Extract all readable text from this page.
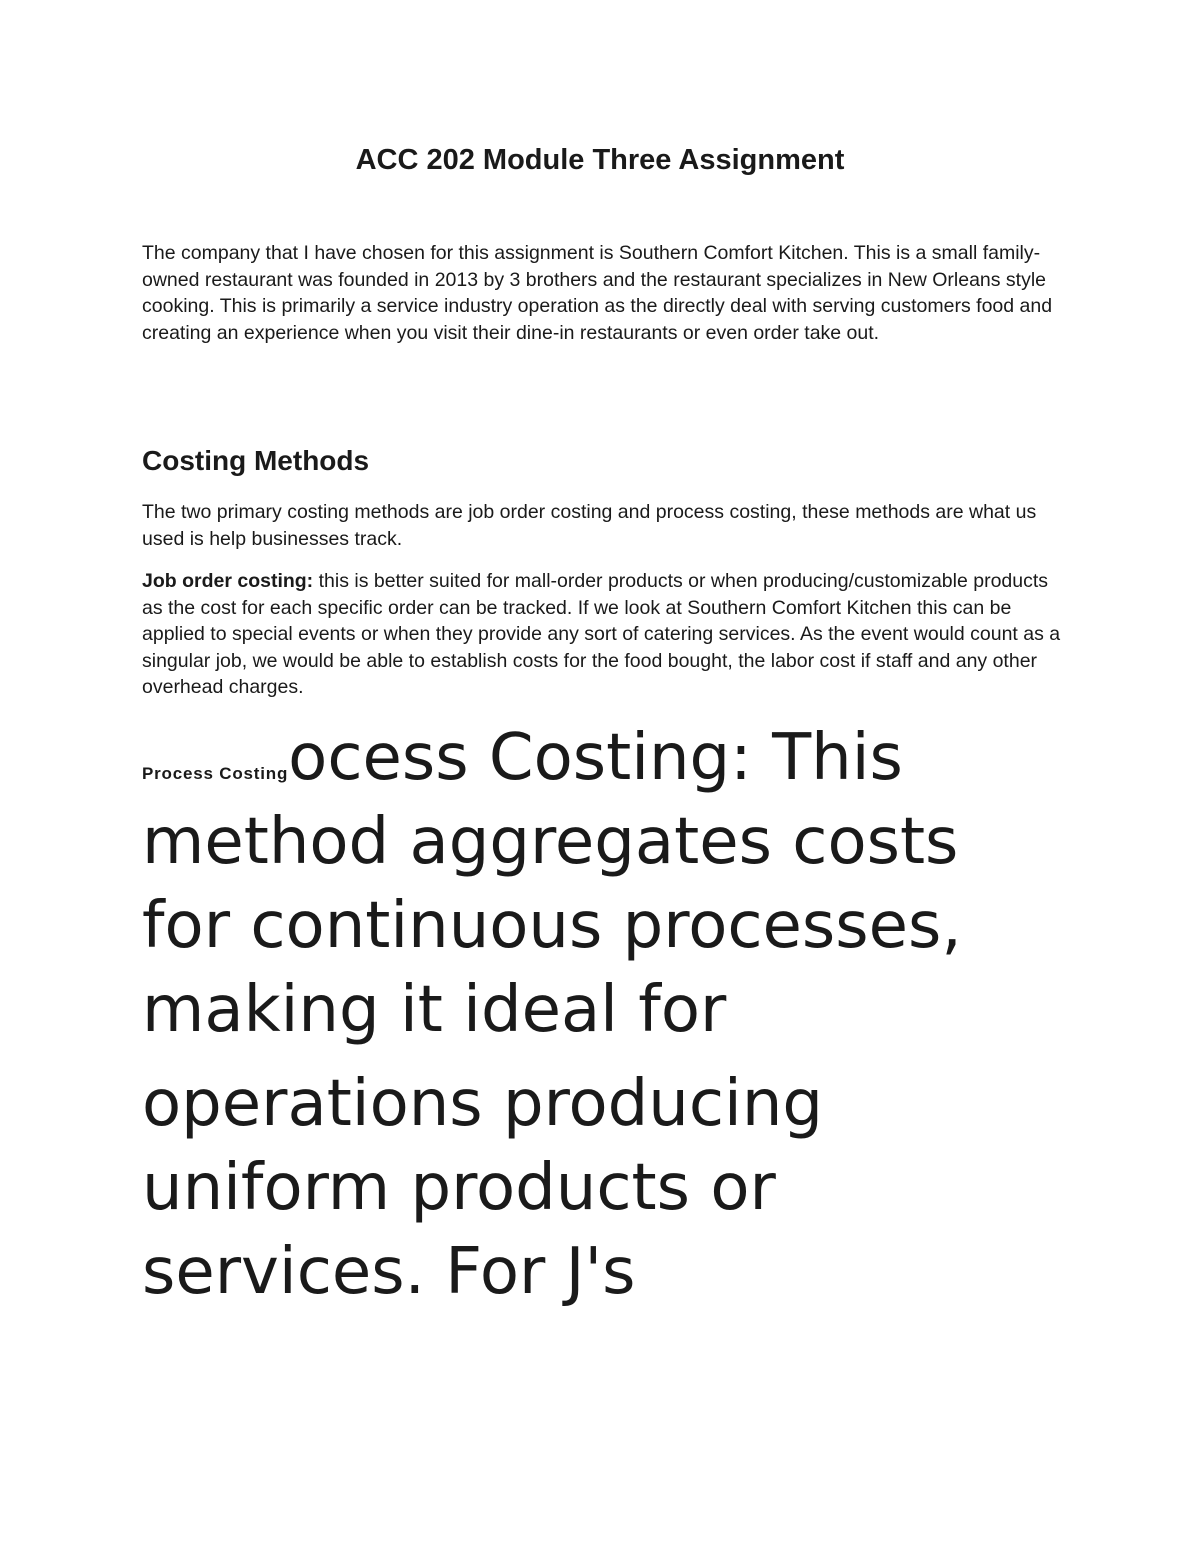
ACC 202 Module Three Assignment

The company that I have chosen for this assignment is Southern Comfort Kitchen. This is a small family-owned restaurant was founded in 2013 by 3 brothers and the restaurant specializes in New Orleans style cooking. This is primarily a service industry operation as the directly deal with serving customers food and creating an experience when you visit their dine-in restaurants or even order take out.

Costing Methods

The two primary costing methods are job order costing and process costing, these methods are what us used is help businesses track.

Job order costing: this is better suited for mall-order products or when producing/customizable products as the cost for each specific order can be tracked. If we look at Southern Comfort Kitchen this can be applied to special events or when they provide any sort of catering services. As the event would count as a singular job, we would be able to establish costs for the food bought, the labor cost if staff and any other overhead charges.

Process Costingocess Costing: This
method aggregates costs
for continuous processes,
making it ideal for
operations producing
uniform products or
services. For J's
